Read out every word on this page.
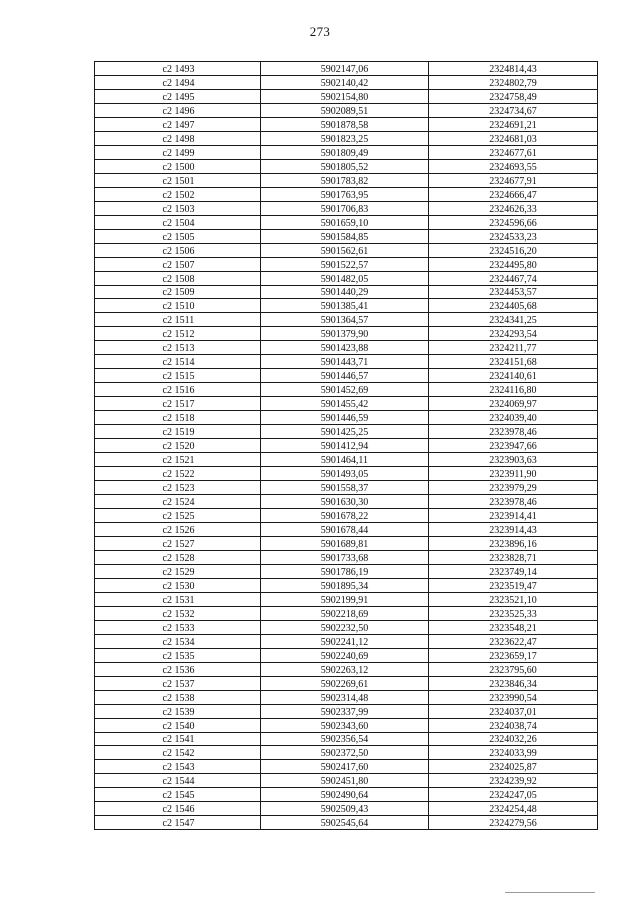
273
с2 1493	5902147,06	2324814,43
с2 1494	5902140,42	2324802,79
с2 1495	5902154,80	2324758,49
с2 1496	5902089,51	2324734,67
с2 1497	5901878,58	2324691,21
с2 1498	5901823,25	2324681,03
с2 1499	5901809,49	2324677,61
с2 1500	5901805,52	2324693,55
с2 1501	5901783,82	2324677,91
с2 1502	5901763,95	2324666,47
с2 1503	5901706,83	2324626,33
с2 1504	5901659,10	2324596,66
с2 1505	5901584,85	2324533,23
с2 1506	5901562,61	2324516,20
с2 1507	5901522,57	2324495,80
с2 1508	5901482,05	2324467,74
с2 1509	5901440,29	2324453,57
с2 1510	5901385,41	2324405,68
с2 1511	5901364,57	2324341,25
с2 1512	5901379,90	2324293,54
с2 1513	5901423,88	2324211,77
с2 1514	5901443,71	2324151,68
с2 1515	5901446,57	2324140,61
с2 1516	5901452,69	2324116,80
с2 1517	5901455,42	2324069,97
с2 1518	5901446,59	2324039,40
с2 1519	5901425,25	2323978,46
с2 1520	5901412,94	2323947,66
с2 1521	5901464,11	2323903,63
с2 1522	5901493,05	2323911,90
с2 1523	5901558,37	2323979,29
с2 1524	5901630,30	2323978,46
с2 1525	5901678,22	2323914,41
с2 1526	5901678,44	2323914,43
с2 1527	5901689,81	2323896,16
с2 1528	5901733,68	2323828,71
с2 1529	5901786,19	2323749,14
с2 1530	5901895,34	2323519,47
с2 1531	5902199,91	2323521,10
с2 1532	5902218,69	2323525,33
с2 1533	5902232,50	2323548,21
с2 1534	5902241,12	2323622,47
с2 1535	5902240,69	2323659,17
с2 1536	5902263,12	2323795,60
с2 1537	5902269,61	2323846,34
с2 1538	5902314,48	2323990,54
с2 1539	5902337,99	2324037,01
с2 1540	5902343,60	2324038,74
с2 1541	5902356,54	2324032,26
с2 1542	5902372,50	2324033,99
с2 1543	5902417,60	2324025,87
с2 1544	5902451,80	2324239,92
с2 1545	5902490,64	2324247,05
с2 1546	5902509,43	2324254,48
с2 1547	5902545,64	2324279,56
